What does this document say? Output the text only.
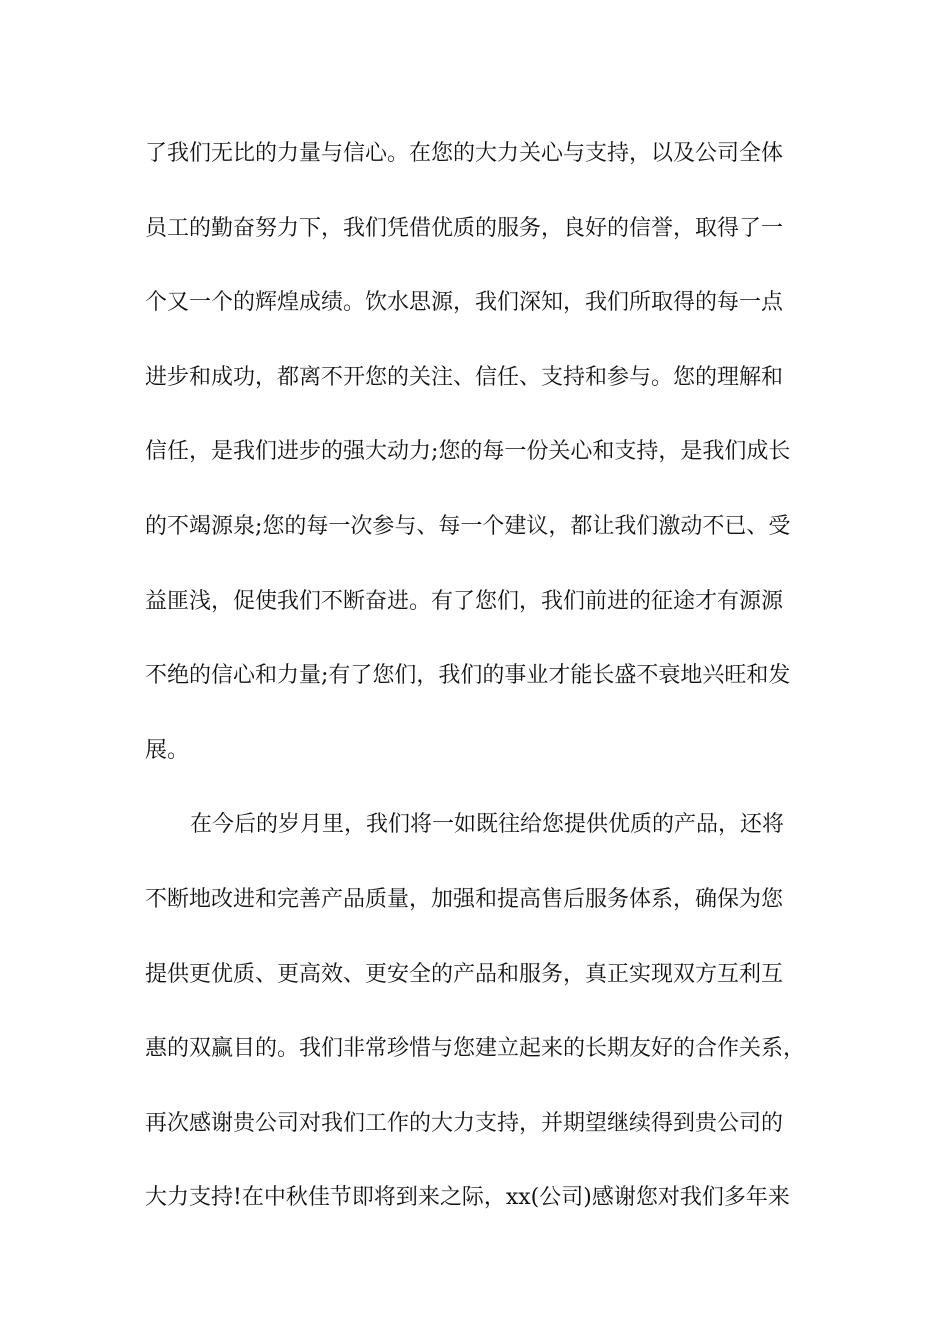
了我们无比的力量与信心。在您的大力关心与支持，以及公司全体
员工的勤奋努力下，我们凭借优质的服务，良好的信誉，取得了一
个又一个的辉煌成绩。饮水思源，我们深知，我们所取得的每一点
进步和成功，都离不开您的关注、信任、支持和参与。您的理解和
信任，是我们进步的强大动力;您的每一份关心和支持，是我们成长
的不竭源泉;您的每一次参与、每一个建议，都让我们激动不已、受
益匪浅，促使我们不断奋进。有了您们，我们前进的征途才有源源
不绝的信心和力量;有了您们，我们的事业才能长盛不衰地兴旺和发
展。
在今后的岁月里，我们将一如既往给您提供优质的产品，还将
不断地改进和完善产品质量，加强和提高售后服务体系，确保为您
提供更优质、更高效、更安全的产品和服务，真正实现双方互利互
惠的双赢目的。我们非常珍惜与您建立起来的长期友好的合作关系，
再次感谢贵公司对我们工作的大力支持，并期望继续得到贵公司的
大力支持!在中秋佳节即将到来之际，xx(公司)感谢您对我们多年来
